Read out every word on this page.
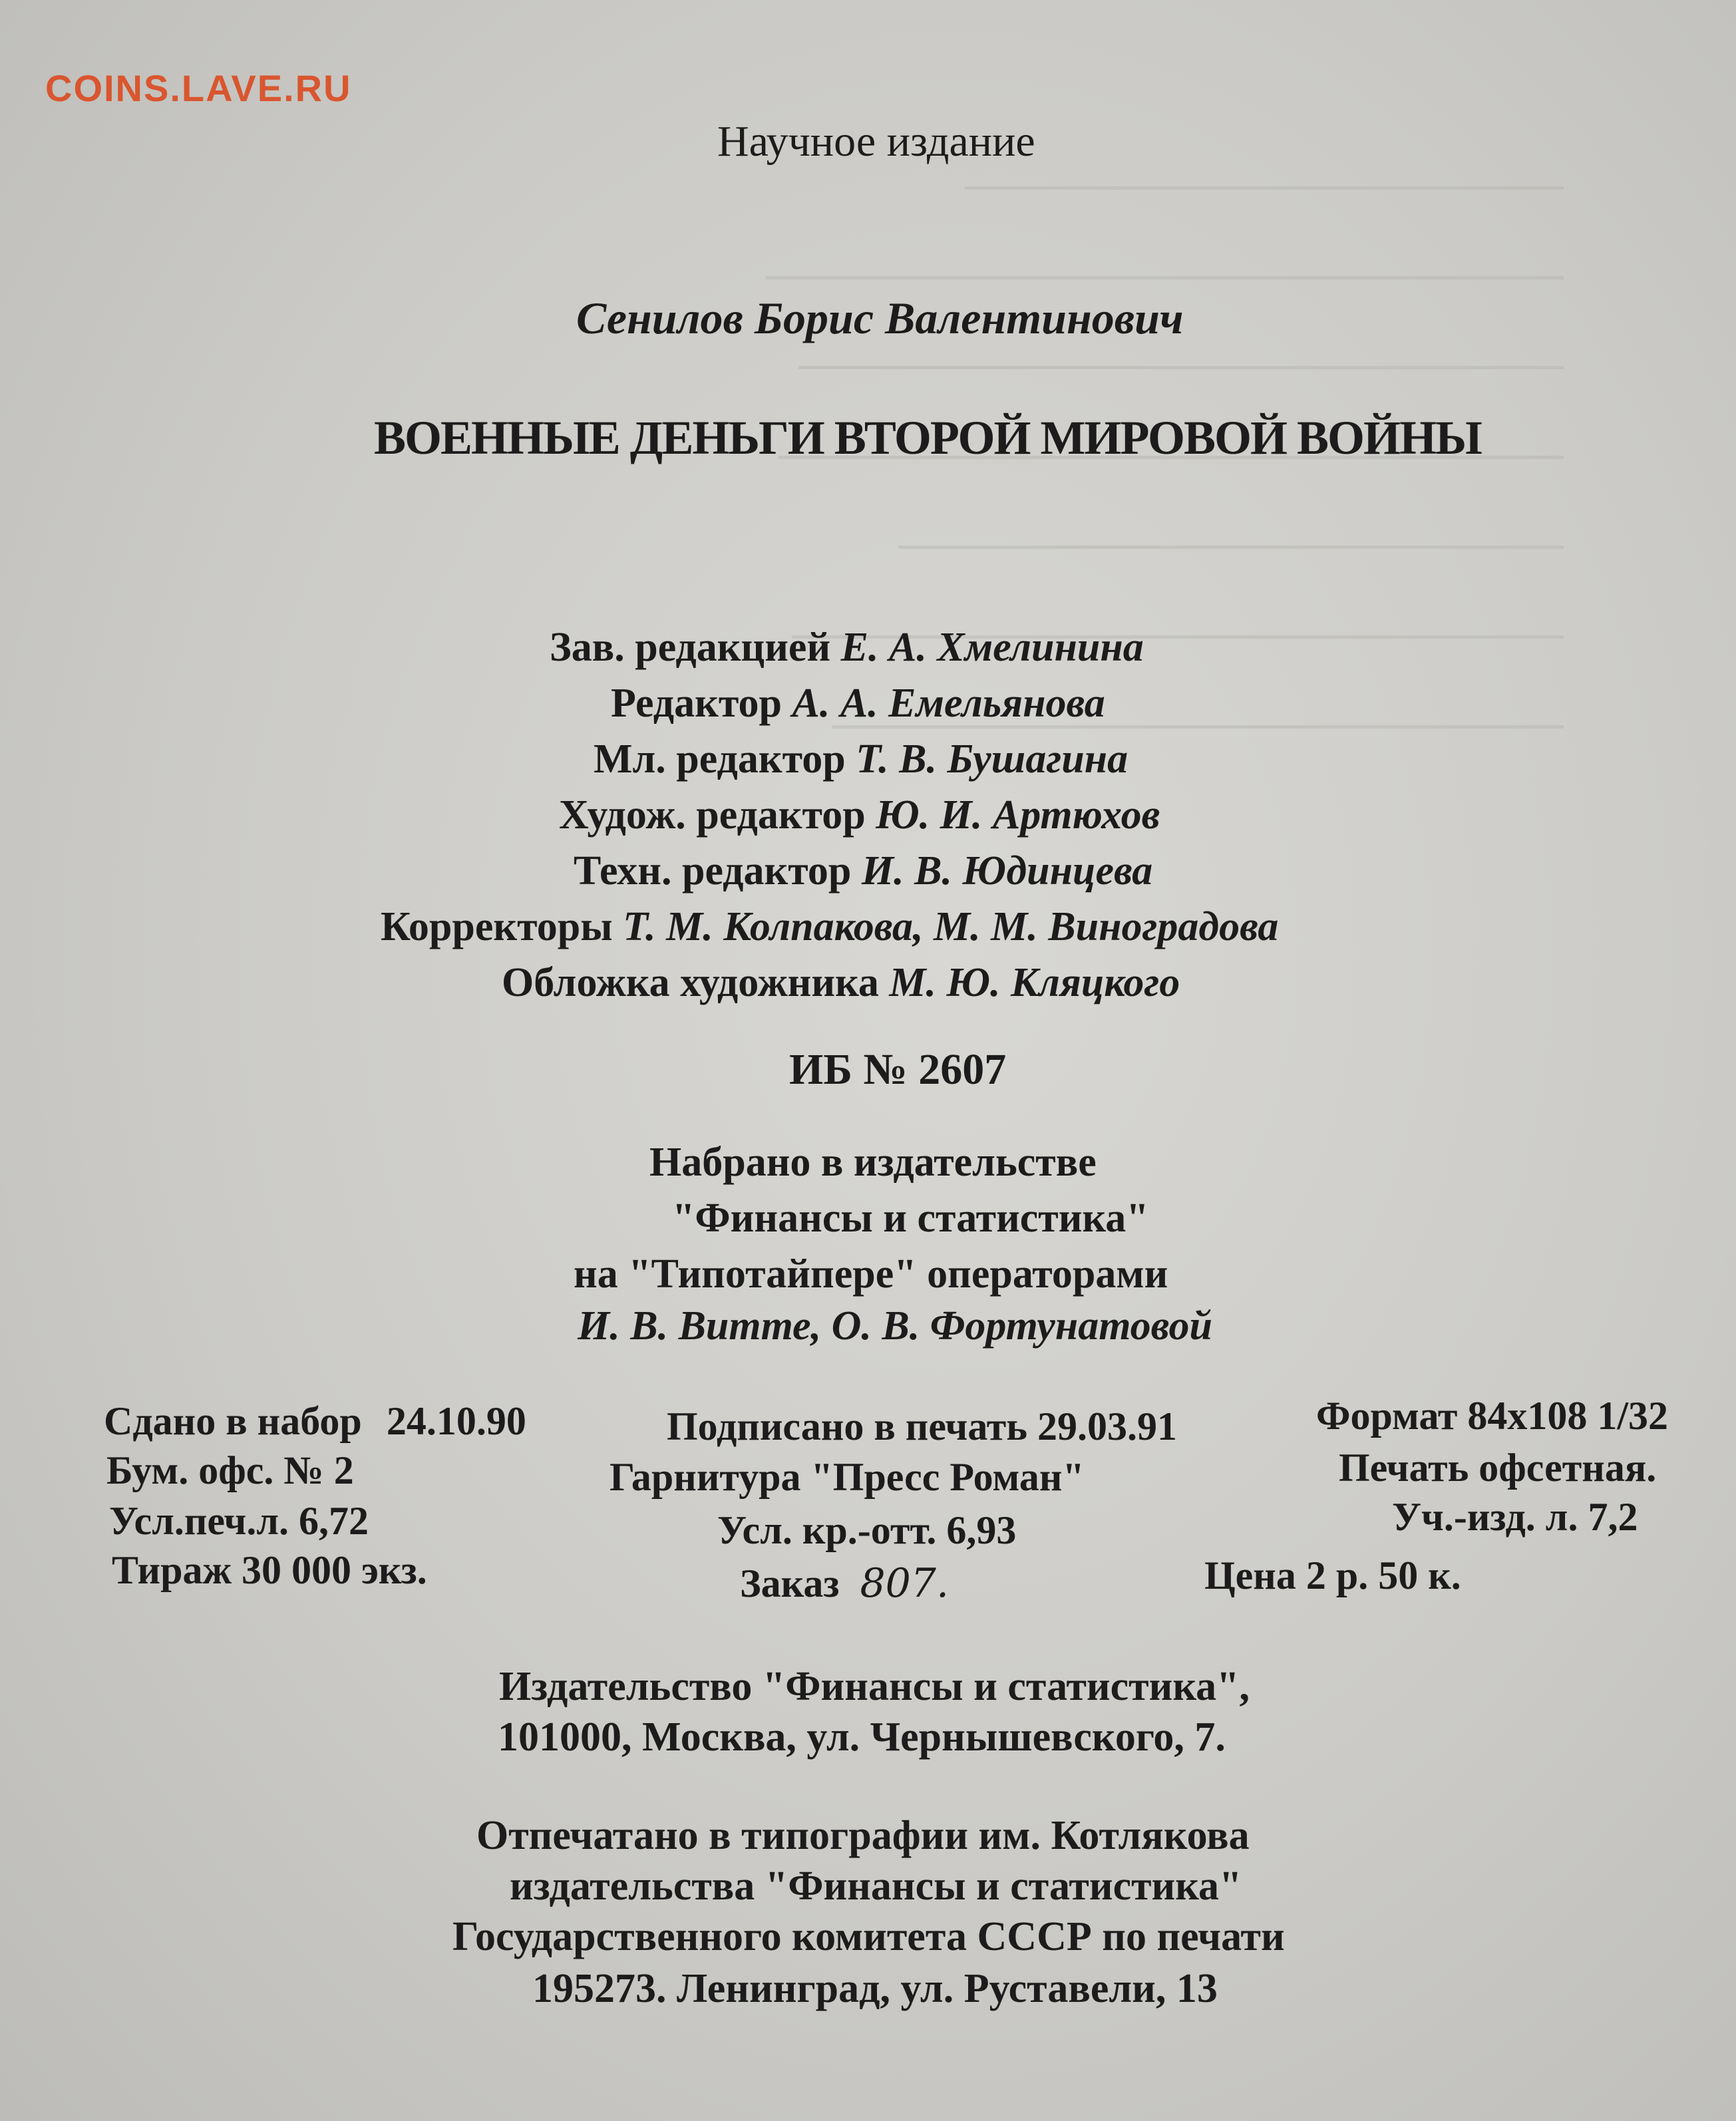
COINS.LAVE.RU
Научное издание
Сенилов Борис Валентинович
ВОЕННЫЕ ДЕНЬГИ ВТОРОЙ МИРОВОЙ ВОЙНЫ
Зав. редакцией Е. А. Хмелинина
Редактор А. А. Емельянова
Мл. редактор Т. В. Бушагина
Худож. редактор Ю. И. Артюхов
Техн. редактор И. В. Юдинцева
Корректоры Т. М. Колпакова, М. М. Виноградова
Обложка художника М. Ю. Кляцкого
ИБ № 2607
Набрано в издательстве
"Финансы и статистика"
на "Типотайпере" операторами
И. В. Витте, О. В. Фортунатовой
Сдано в набор 24.10.90
Бум. офс. № 2
Усл.печ.л. 6,72
Тираж 30 000 экз.
Подписано в печать 29.03.91
Гарнитура "Пресс Роман"
Усл. кр.-отт. 6,93
Заказ 807.
Формат 84x108 1/32
Печать офсетная.
Уч.-изд. л. 7,2
Цена 2 р. 50 к.
Издательство "Финансы и статистика",
101000, Москва, ул. Чернышевского, 7.
Отпечатано в типографии им. Котлякова
издательства "Финансы и статистика"
Государственного комитета СССР по печати
195273. Ленинград, ул. Руставели, 13
